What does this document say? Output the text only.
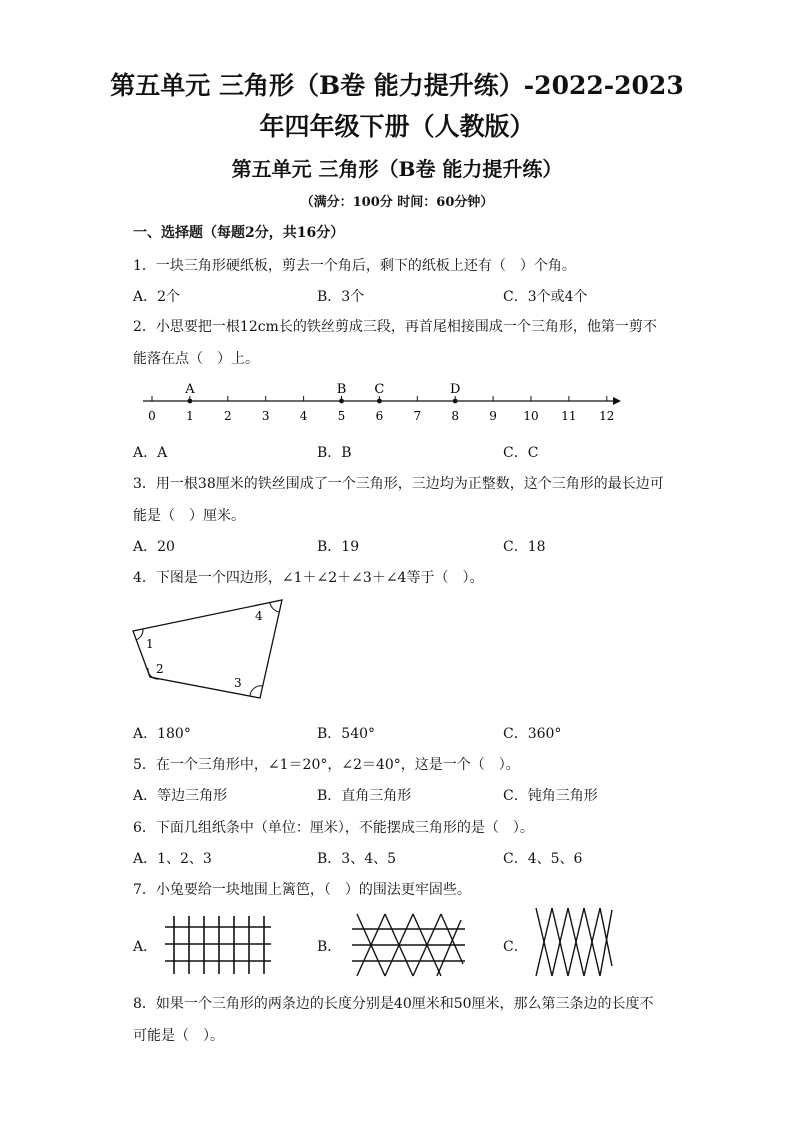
第五单元 三角形（B卷 能力提升练）-2022-2023
年四年级下册（人教版）
第五单元 三角形（B卷 能力提升练）
（满分：100分 时间：60分钟）
一、选择题（每题2分，共16分）
1．一块三角形硬纸板，剪去一个角后，剩下的纸板上还有（　）个角。
A．2个	B．3个	C．3个或4个
2．小思要把一根12cm长的铁丝剪成三段，再首尾相接围成一个三角形，他第一剪不
能落在点（　）上。
0	1	2	3	4	5	6	7	8	9 10 11 12
A	B C	D
A．A	B．B	C．C
3．用一根38厘米的铁丝围成了一个三角形，三边均为正整数，这个三角形的最长边可
能是（　）厘米。
A．20	B．19	C．18
4．下图是一个四边形，∠1＋∠2＋∠3＋∠4等于（　）。
1
2
3
4
A．180°	B．540°	C．360°
5．在一个三角形中，∠1＝20°，∠2＝40°，这是一个（　）。
A．等边三角形	B．直角三角形	C．钝角三角形
6．下面几组纸条中（单位：厘米），不能摆成三角形的是（　）。
A．1、2、3	B．3、4、5	C．4、5、6
7．小兔要给一块地围上篱笆，（　）的围法更牢固些。
A．	B．	C．
8．如果一个三角形的两条边的长度分别是40厘米和50厘米，那么第三条边的长度不
可能是（　）。
